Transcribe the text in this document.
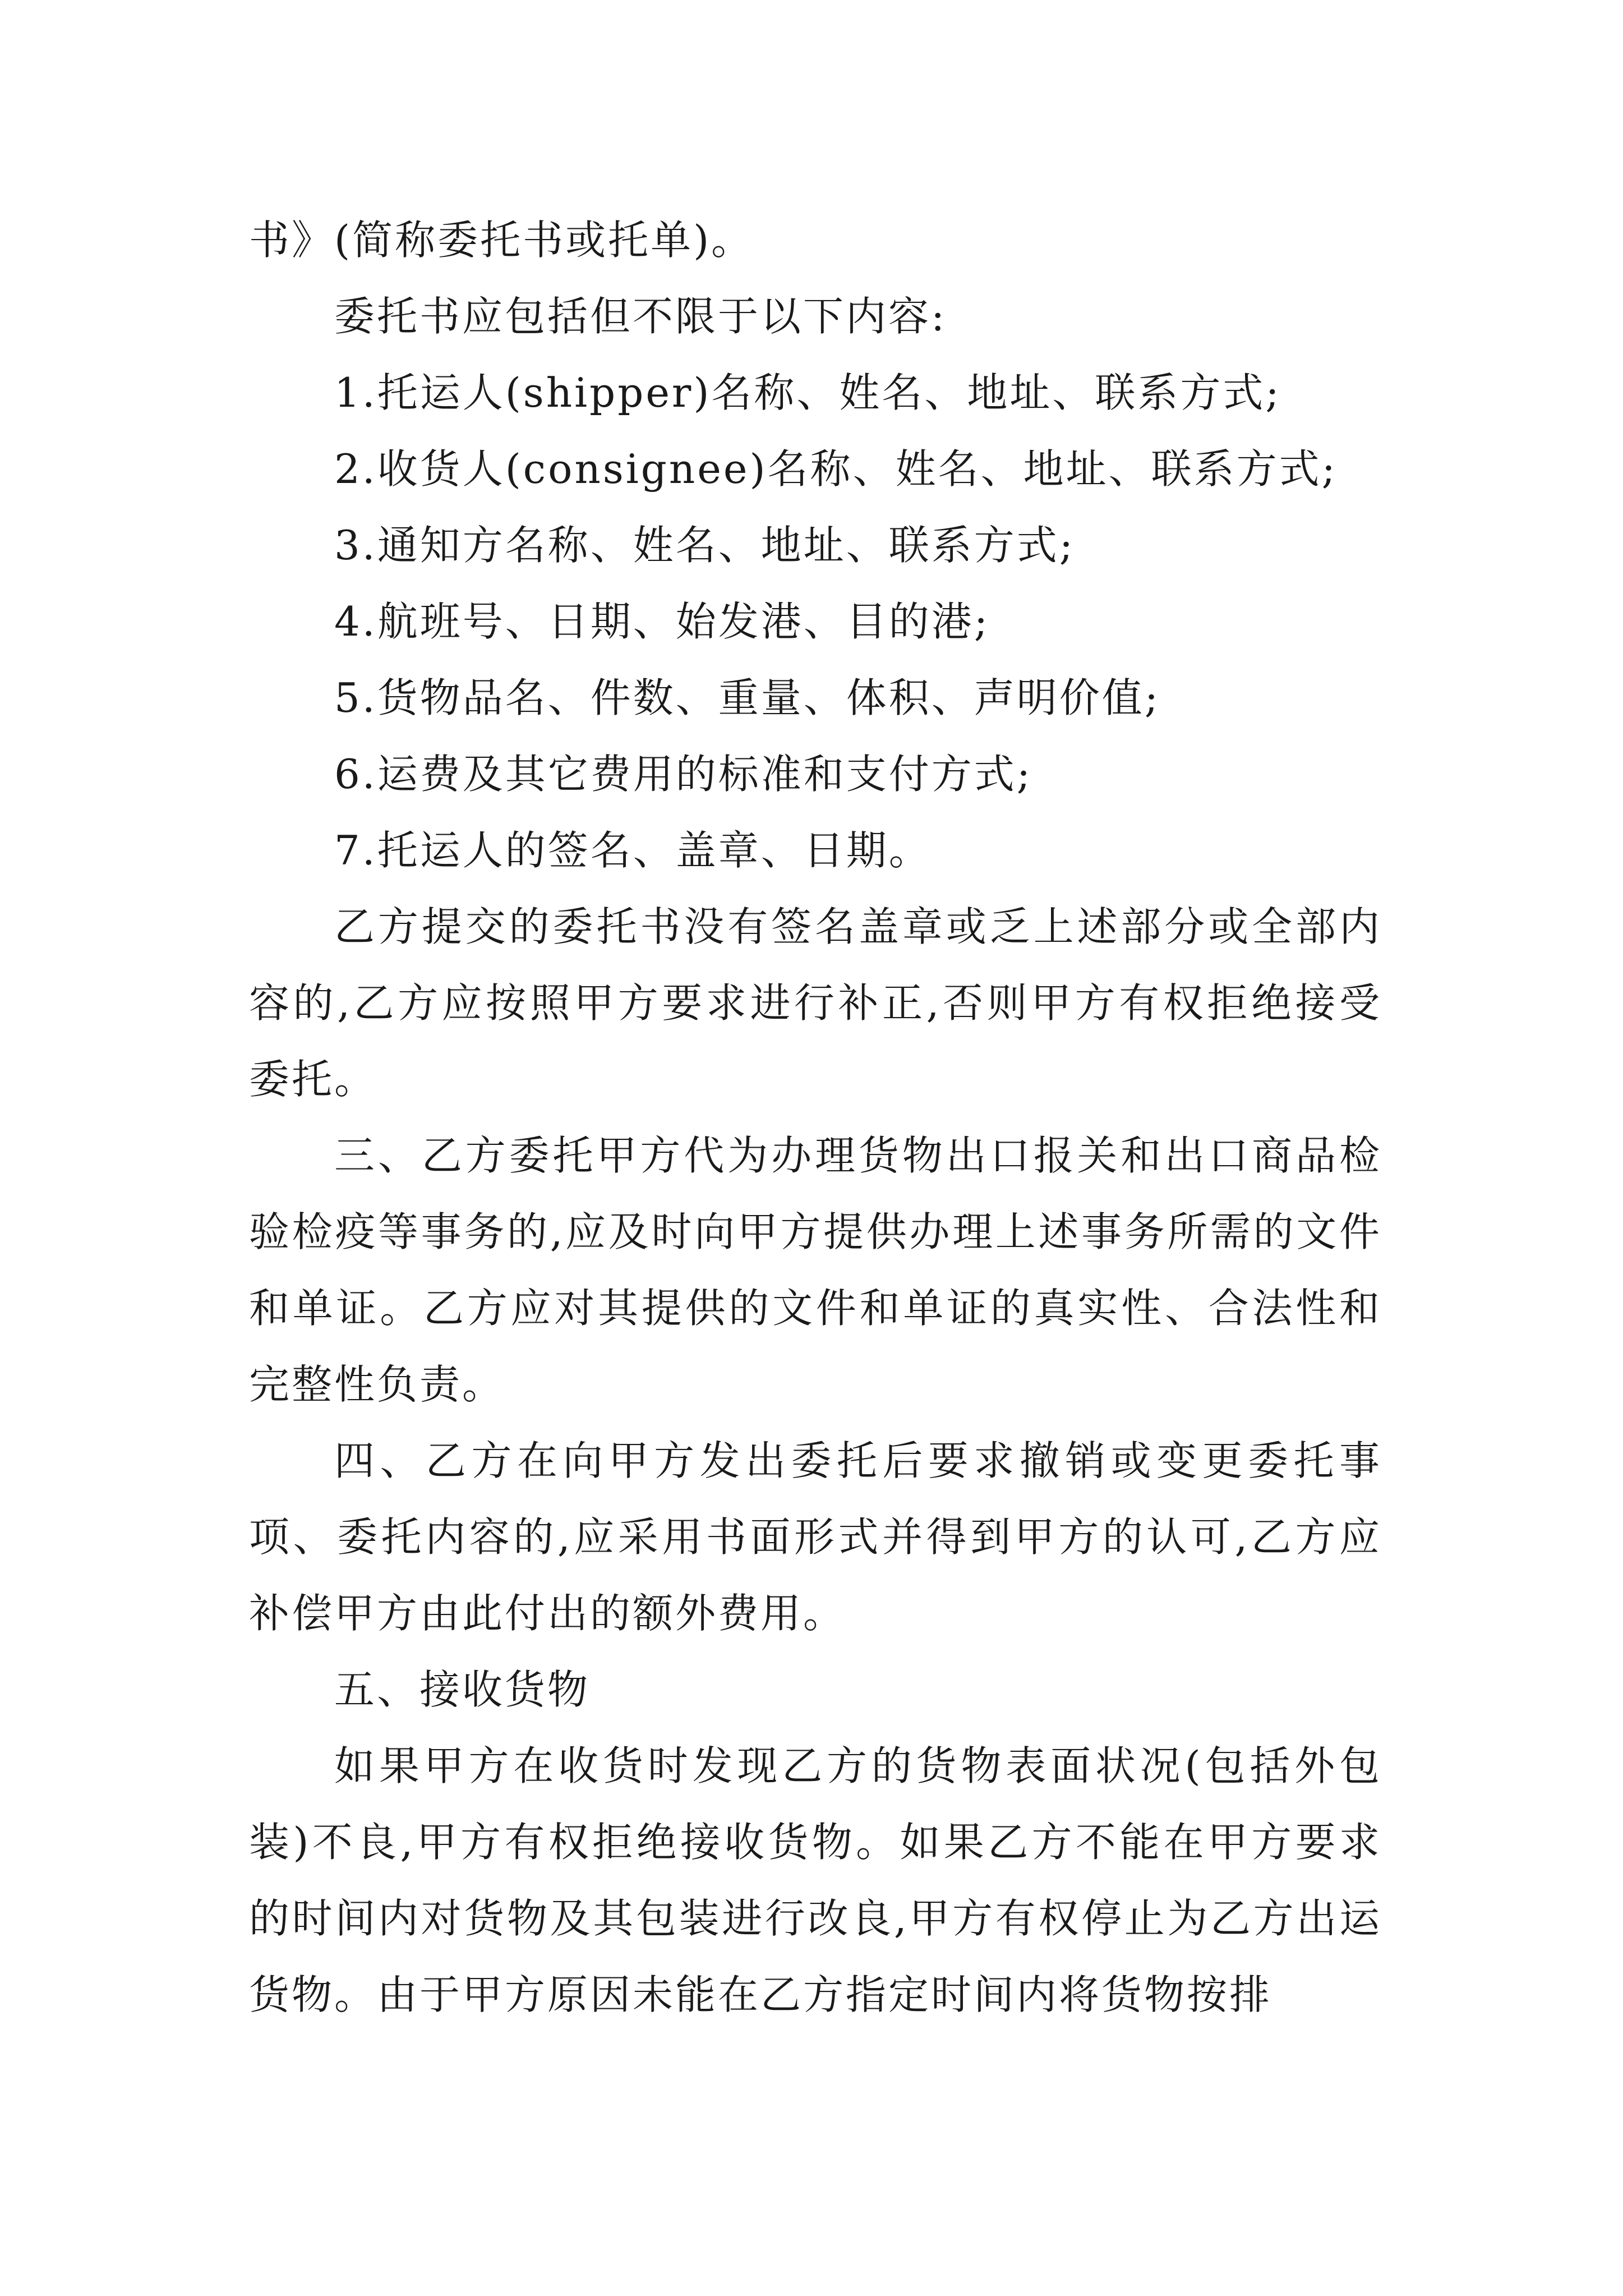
书》(简称委托书或托单)。

委托书应包括但不限于以下内容:

1.托运人(shipper)名称、姓名、地址、联系方式;

2.收货人(consignee)名称、姓名、地址、联系方式;

3.通知方名称、姓名、地址、联系方式;

4.航班号、日期、始发港、目的港;

5.货物品名、件数、重量、体积、声明价值;

6.运费及其它费用的标准和支付方式;

7.托运人的签名、盖章、日期。

乙方提交的委托书没有签名盖章或乏上述部分或全部内容的,乙方应按照甲方要求进行补正,否则甲方有权拒绝接受委托。

三、乙方委托甲方代为办理货物出口报关和出口商品检验检疫等事务的,应及时向甲方提供办理上述事务所需的文件和单证。乙方应对其提供的文件和单证的真实性、合法性和完整性负责。

四、乙方在向甲方发出委托后要求撤销或变更委托事项、委托内容的,应采用书面形式并得到甲方的认可,乙方应补偿甲方由此付出的额外费用。

五、接收货物

如果甲方在收货时发现乙方的货物表面状况(包括外包装)不良,甲方有权拒绝接收货物。如果乙方不能在甲方要求的时间内对货物及其包装进行改良,甲方有权停止为乙方出运货物。由于甲方原因未能在乙方指定时间内将货物按排
